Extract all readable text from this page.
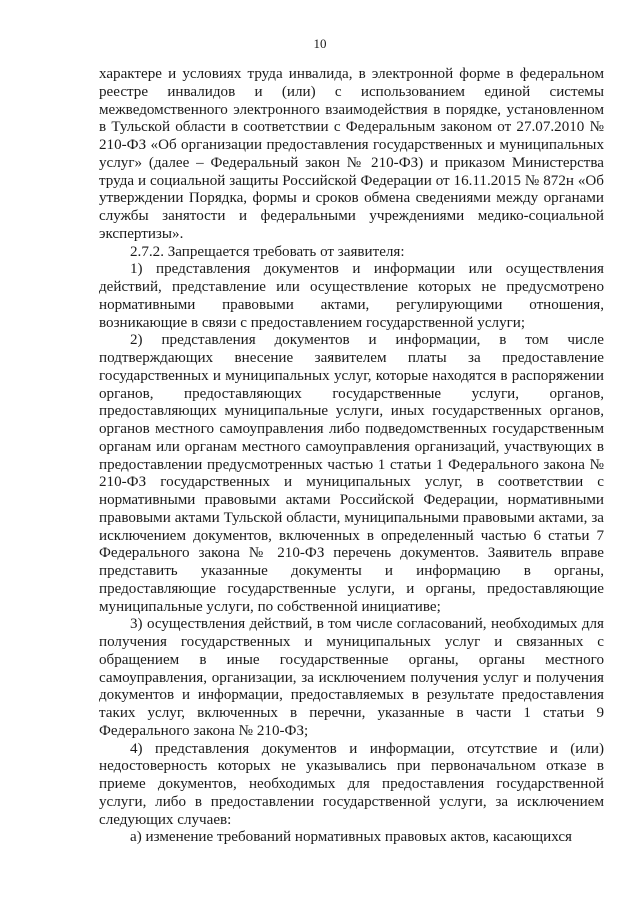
10

характере и условиях труда инвалида, в электронной форме в федеральном реестре инвалидов и (или) с использованием единой системы межведомственного электронного взаимодействия в порядке, установленном в Тульской области в соответствии с Федеральным законом от 27.07.2010 № 210-ФЗ «Об организации предоставления государственных и муниципальных услуг» (далее – Федеральный закон № 210-ФЗ) и приказом Министерства труда и социальной защиты Российской Федерации от 16.11.2015 № 872н «Об утверждении Порядка, формы и сроков обмена сведениями между органами службы занятости и федеральными учреждениями медико-социальной экспертизы».

2.7.2. Запрещается требовать от заявителя:

1) представления документов и информации или осуществления действий, представление или осуществление которых не предусмотрено нормативными правовыми актами, регулирующими отношения, возникающие в связи с предоставлением государственной услуги;

2) представления документов и информации, в том числе подтверждающих внесение заявителем платы за предоставление государственных и муниципальных услуг, которые находятся в распоряжении органов, предоставляющих государственные услуги, органов, предоставляющих муниципальные услуги, иных государственных органов, органов местного самоуправления либо подведомственных государственным органам или органам местного самоуправления организаций, участвующих в предоставлении предусмотренных частью 1 статьи 1 Федерального закона № 210-ФЗ государственных и муниципальных услуг, в соответствии с нормативными правовыми актами Российской Федерации, нормативными правовыми актами Тульской области, муниципальными правовыми актами, за исключением документов, включенных в определенный частью 6 статьи 7 Федерального закона № 210-ФЗ перечень документов. Заявитель вправе представить указанные документы и информацию в органы, предоставляющие государственные услуги, и органы, предоставляющие муниципальные услуги, по собственной инициативе;

3) осуществления действий, в том числе согласований, необходимых для получения государственных и муниципальных услуг и связанных с обращением в иные государственные органы, органы местного самоуправления, организации, за исключением получения услуг и получения документов и информации, предоставляемых в результате предоставления таких услуг, включенных в перечни, указанные в части 1 статьи 9 Федерального закона № 210-ФЗ;

4) представления документов и информации, отсутствие и (или) недостоверность которых не указывались при первоначальном отказе в приеме документов, необходимых для предоставления государственной услуги, либо в предоставлении государственной услуги, за исключением следующих случаев:

а) изменение требований нормативных правовых актов, касающихся
